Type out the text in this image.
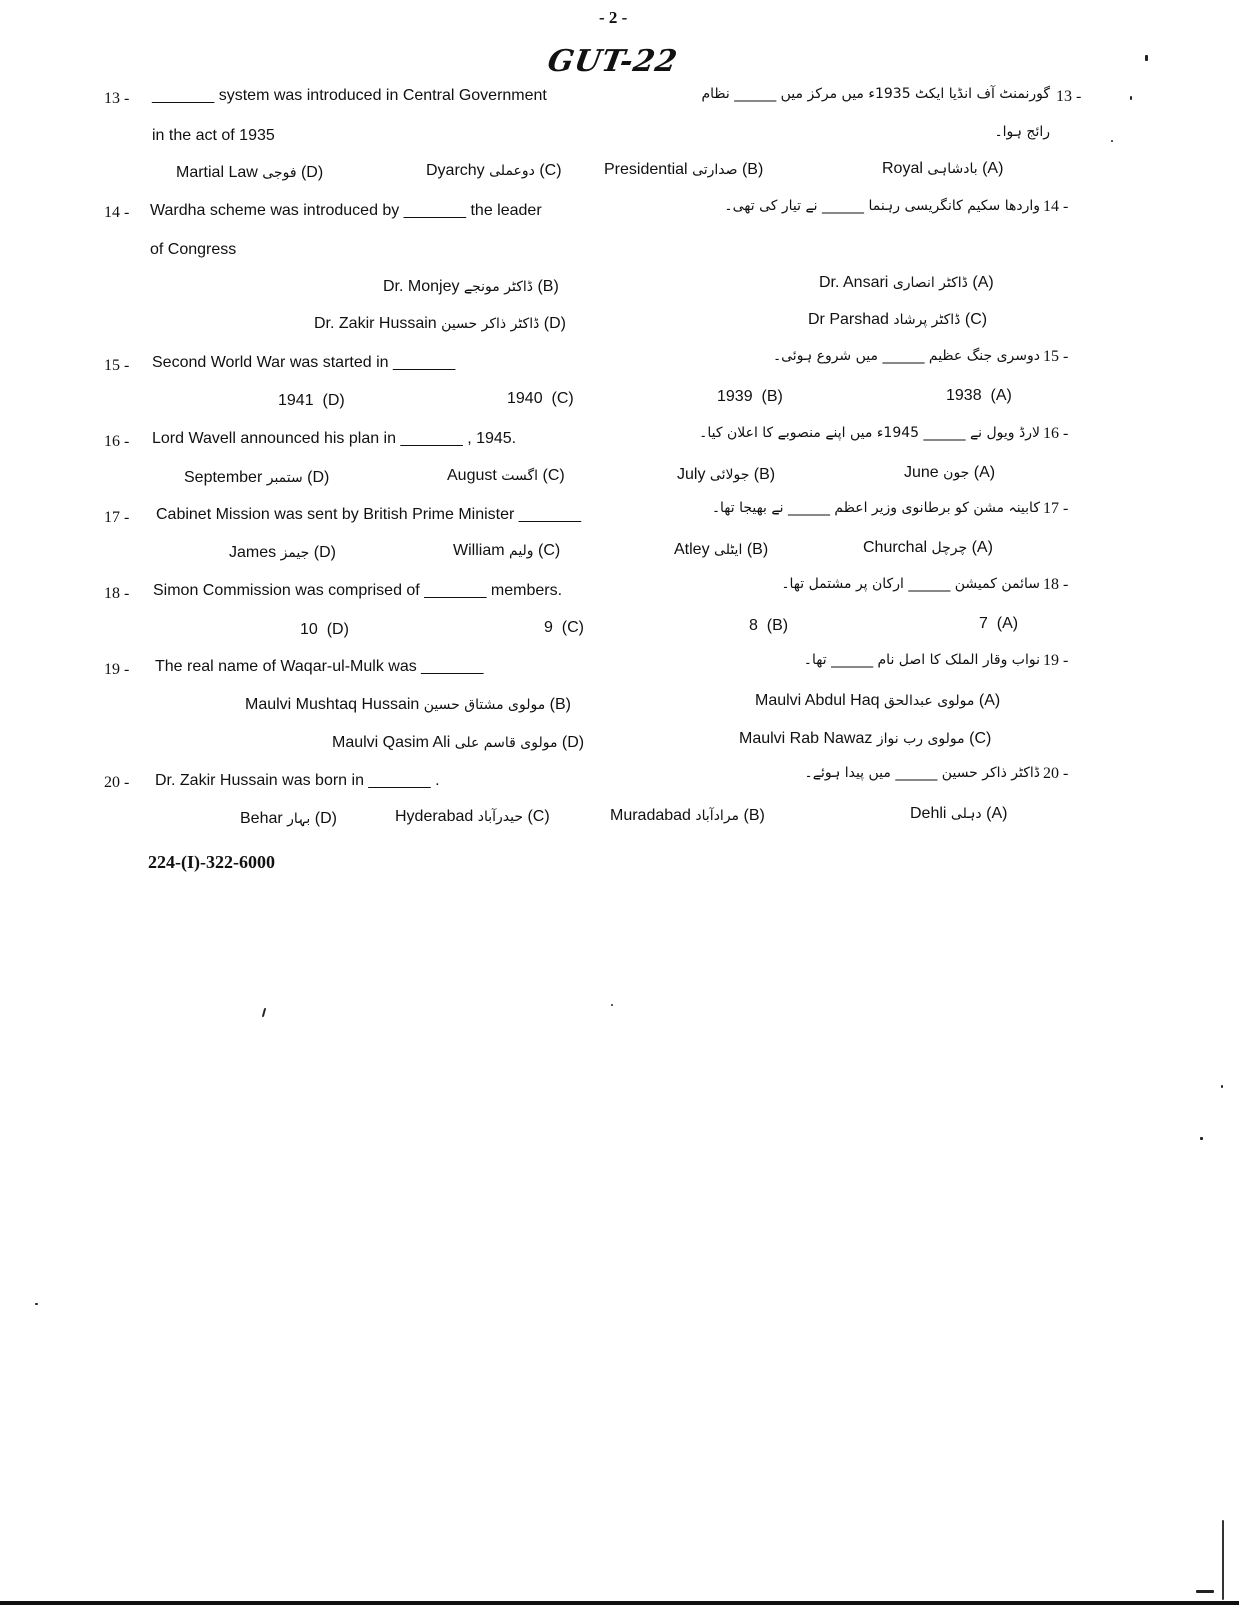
- 2 -
GUT-22
13 - _______ system was introduced in Central Government
in the act of 1935
گورنمنٹ آف انڈیا ایکٹ 1935ء میں مرکز میں ______ نظام
رائج ہوا۔
13 -
Martial Law فوجی (D)	Dyarchy دوعملی (C)	Presidential صدارتی (B)	Royal بادشاہی (A)
14 - Wardha scheme was introduced by _______ the leader
of Congress
واردھا سکیم کانگریسی رہنما ______ نے تیار کی تھی۔ 14 -
Dr. Monjey ڈاکٹر مونجے (B)	Dr. Ansari ڈاکٹر انصاری (A)
Dr. Zakir Hussain ڈاکٹر ذاکر حسین (D)	Dr Parshad ڈاکٹر پرشاد (C)
15 - Second World War was started in _______	دوسری جنگ عظیم ______ میں شروع ہوئی۔ 15 -
1941 (D)	1940 (C)	1939 (B)	1938 (A)
16 - Lord Wavell announced his plan in _______ , 1945.	لارڈ ویول نے ______ 1945ء میں اپنے منصوبے کا اعلان کیا۔ 16 -
September ستمبر (D)	August اگست (C)	July جولائی (B)	June جون (A)
17 - Cabinet Mission was sent by British Prime Minister _______	کابینہ مشن کو برطانوی وزیر اعظم ______ نے بھیجا تھا۔ 17 -
James جیمز (D)	William ولیم (C)	Atley ایٹلی (B)	Churchal چرچل (A)
18 - Simon Commission was comprised of _______ members.	سائمن کمیشن ______ ارکان پر مشتمل تھا۔ 18 -
10 (D)	9 (C)	8 (B)	7 (A)
19 - The real name of Waqar-ul-Mulk was _______	نواب وقار الملک کا اصل نام ______ تھا۔ 19 -
Maulvi Mushtaq Hussain مولوی مشتاق حسین (B)	Maulvi Abdul Haq مولوی عبدالحق (A)
Maulvi Qasim Ali مولوی قاسم علی (D)	Maulvi Rab Nawaz مولوی رب نواز (C)
20 - Dr. Zakir Hussain was born in _______ .	ڈاکٹر ذاکر حسین ______ میں پیدا ہوئے۔ 20 -
Behar بہار (D)	Hyderabad حیدرآباد (C)	Muradabad مرادآباد (B)	Dehli دہلی (A)
224-(I)-322-6000
